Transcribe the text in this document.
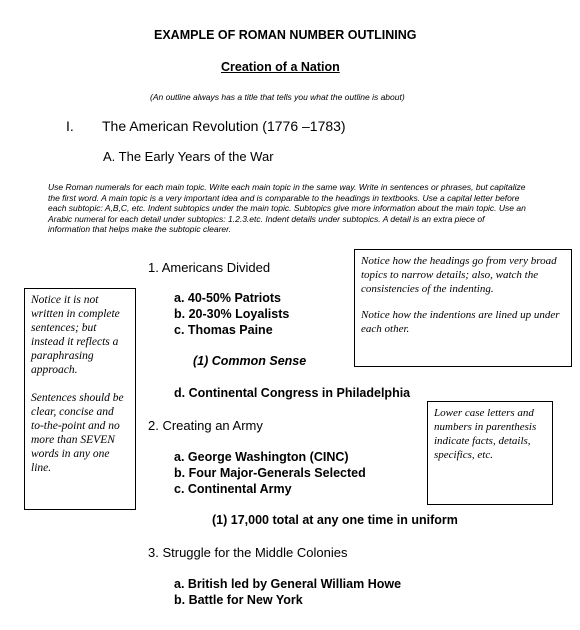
EXAMPLE OF ROMAN NUMBER OUTLINING
Creation of a Nation
(An outline always has a title that tells you what the outline is about)
I. The American Revolution (1776 –1783)
A. The Early Years of the War
Use Roman numerals for each main topic. Write each main topic in the same way. Write in sentences or phrases, but capitalize the first word. A main topic is a very important idea and is comparable to the headings in textbooks. Use a capital letter before each subtopic: A,B,C, etc. Indent subtopics under the main topic. Subtopics give more information about the main topic. Use an Arabic numeral for each detail under subtopics: 1.2.3.etc. Indent details under subtopics. A detail is an extra piece of information that helps make the subtopic clearer.
1. Americans Divided
a. 40-50% Patriots
b. 20-30% Loyalists
c. Thomas Paine
(1) Common Sense
d. Continental Congress in Philadelphia
2. Creating an Army
a. George Washington (CINC)
b. Four Major-Generals Selected
c. Continental Army
(1) 17,000 total at any one time in uniform
3. Struggle for the Middle Colonies
a. British led by General William Howe
b. Battle for New York

Notice it is not written in complete sentences; but instead it reflects a paraphrasing approach.

Sentences should be clear, concise and to-the-point and no more than SEVEN words in any one line.

Notice how the headings go from very broad topics to narrow details; also, watch the consistencies of the indenting.

Notice how the indentions are lined up under each other.

Lower case letters and numbers in parenthesis indicate facts, details, specifics, etc.
